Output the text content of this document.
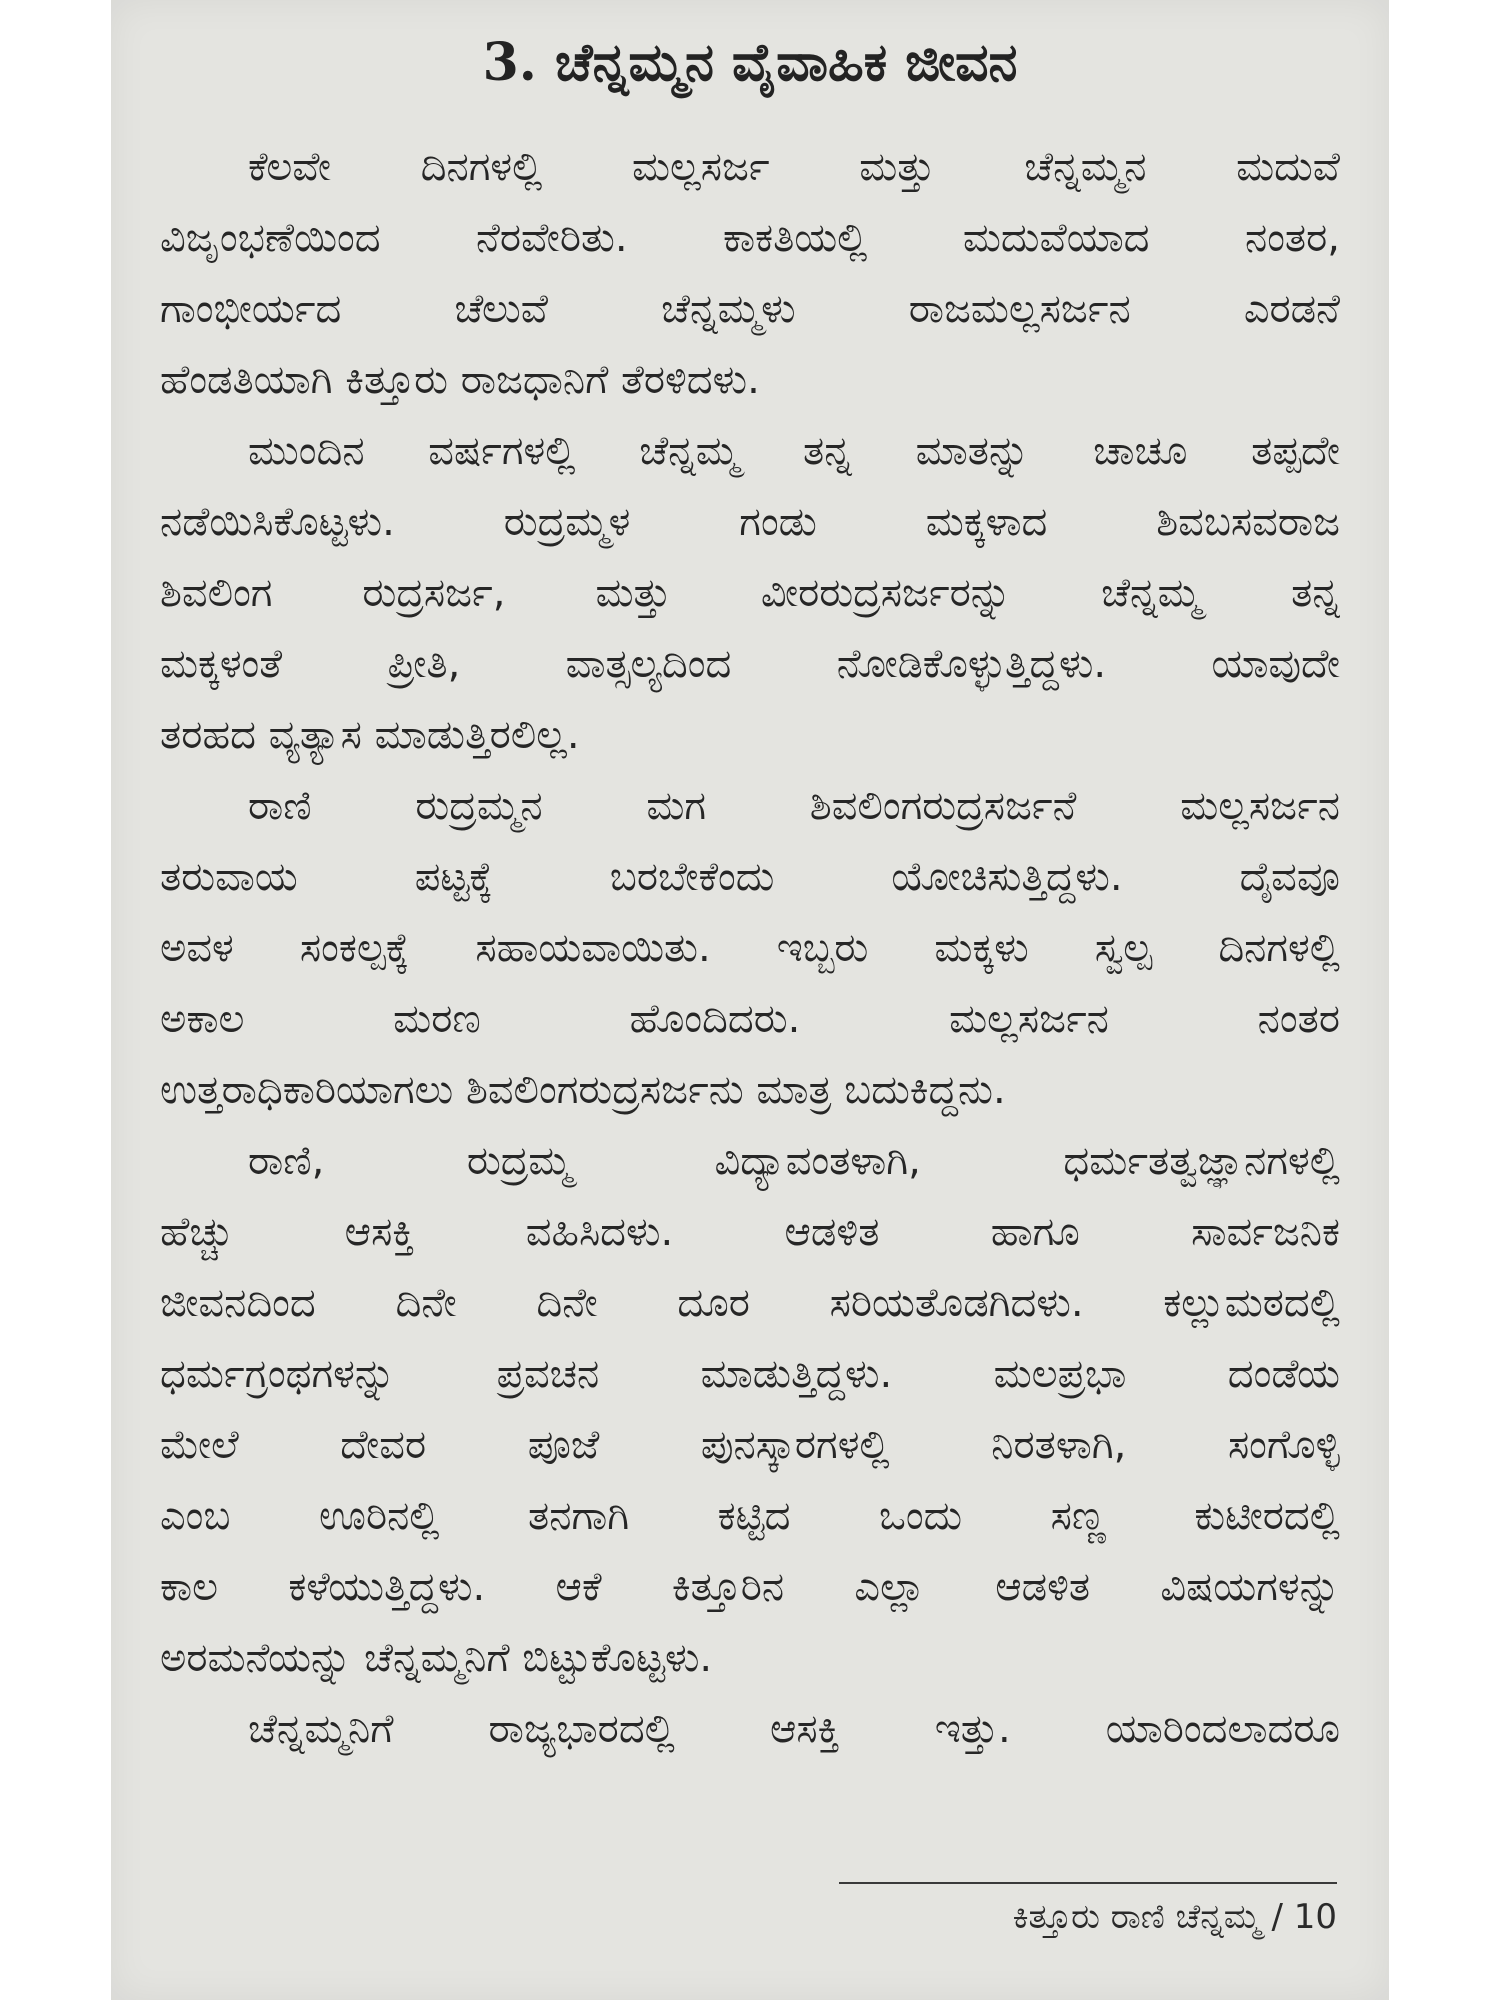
3. ಚೆನ್ನಮ್ಮನ ವೈವಾಹಿಕ ಜೀವನ
ಕೆಲವೇ ದಿನಗಳಲ್ಲಿ ಮಲ್ಲಸರ್ಜ ಮತ್ತು ಚೆನ್ನಮ್ಮನ ಮದುವೆ
ವಿಜೃಂಭಣೆಯಿಂದ ನೆರವೇರಿತು. ಕಾಕತಿಯಲ್ಲಿ ಮದುವೆಯಾದ ನಂತರ,
ಗಾಂಭೀರ್ಯದ ಚೆಲುವೆ ಚೆನ್ನಮ್ಮಳು ರಾಜಮಲ್ಲಸರ್ಜನ ಎರಡನೆ
ಹೆಂಡತಿಯಾಗಿ ಕಿತ್ತೂರು ರಾಜಧಾನಿಗೆ ತೆರಳಿದಳು.
ಮುಂದಿನ ವರ್ಷಗಳಲ್ಲಿ ಚೆನ್ನಮ್ಮ ತನ್ನ ಮಾತನ್ನು ಚಾಚೂ ತಪ್ಪದೇ
ನಡೆಯಿಸಿಕೊಟ್ಟಳು. ರುದ್ರಮ್ಮಳ ಗಂಡು ಮಕ್ಕಳಾದ ಶಿವಬಸವರಾಜ
ಶಿವಲಿಂಗ ರುದ್ರಸರ್ಜ, ಮತ್ತು ವೀರರುದ್ರಸರ್ಜರನ್ನು ಚೆನ್ನಮ್ಮ ತನ್ನ
ಮಕ್ಕಳಂತೆ ಪ್ರೀತಿ, ವಾತ್ಸಲ್ಯದಿಂದ ನೋಡಿಕೊಳ್ಳುತ್ತಿದ್ದಳು. ಯಾವುದೇ
ತರಹದ ವ್ಯತ್ಯಾಸ ಮಾಡುತ್ತಿರಲಿಲ್ಲ.
ರಾಣಿ ರುದ್ರಮ್ಮನ ಮಗ ಶಿವಲಿಂಗರುದ್ರಸರ್ಜನೆ ಮಲ್ಲಸರ್ಜನ
ತರುವಾಯ ಪಟ್ಟಕ್ಕೆ ಬರಬೇಕೆಂದು ಯೋಚಿಸುತ್ತಿದ್ದಳು. ದೈವವೂ
ಅವಳ ಸಂಕಲ್ಪಕ್ಕೆ ಸಹಾಯವಾಯಿತು. ಇಬ್ಬರು ಮಕ್ಕಳು ಸ್ವಲ್ಪ ದಿನಗಳಲ್ಲಿ
ಅಕಾಲ ಮರಣ ಹೊಂದಿದರು. ಮಲ್ಲಸರ್ಜನ ನಂತರ
ಉತ್ತರಾಧಿಕಾರಿಯಾಗಲು ಶಿವಲಿಂಗರುದ್ರಸರ್ಜನು ಮಾತ್ರ ಬದುಕಿದ್ದನು.
ರಾಣಿ, ರುದ್ರಮ್ಮ ವಿದ್ಯಾವಂತಳಾಗಿ, ಧರ್ಮತತ್ವಜ್ಞಾನಗಳಲ್ಲಿ
ಹೆಚ್ಚು ಆಸಕ್ತಿ ವಹಿಸಿದಳು. ಆಡಳಿತ ಹಾಗೂ ಸಾರ್ವಜನಿಕ
ಜೀವನದಿಂದ ದಿನೇ ದಿನೇ ದೂರ ಸರಿಯತೊಡಗಿದಳು. ಕಲ್ಲುಮಠದಲ್ಲಿ
ಧರ್ಮಗ್ರಂಥಗಳನ್ನು ಪ್ರವಚನ ಮಾಡುತ್ತಿದ್ದಳು. ಮಲಪ್ರಭಾ ದಂಡೆಯ
ಮೇಲೆ ದೇವರ ಪೂಜೆ ಪುನಸ್ಕಾರಗಳಲ್ಲಿ ನಿರತಳಾಗಿ, ಸಂಗೊಳ್ಳಿ
ಎಂಬ ಊರಿನಲ್ಲಿ ತನಗಾಗಿ ಕಟ್ಟಿದ ಒಂದು ಸಣ್ಣ ಕುಟೀರದಲ್ಲಿ
ಕಾಲ ಕಳೆಯುತ್ತಿದ್ದಳು. ಆಕೆ ಕಿತ್ತೂರಿನ ಎಲ್ಲಾ ಆಡಳಿತ ವಿಷಯಗಳನ್ನು
ಅರಮನೆಯನ್ನು ಚೆನ್ನಮ್ಮನಿಗೆ ಬಿಟ್ಟುಕೊಟ್ಟಳು.
ಚೆನ್ನಮ್ಮನಿಗೆ ರಾಜ್ಯಭಾರದಲ್ಲಿ ಆಸಕ್ತಿ ಇತ್ತು. ಯಾರಿಂದಲಾದರೂ
ಕಿತ್ತೂರು ರಾಣಿ ಚೆನ್ನಮ್ಮ / 10
